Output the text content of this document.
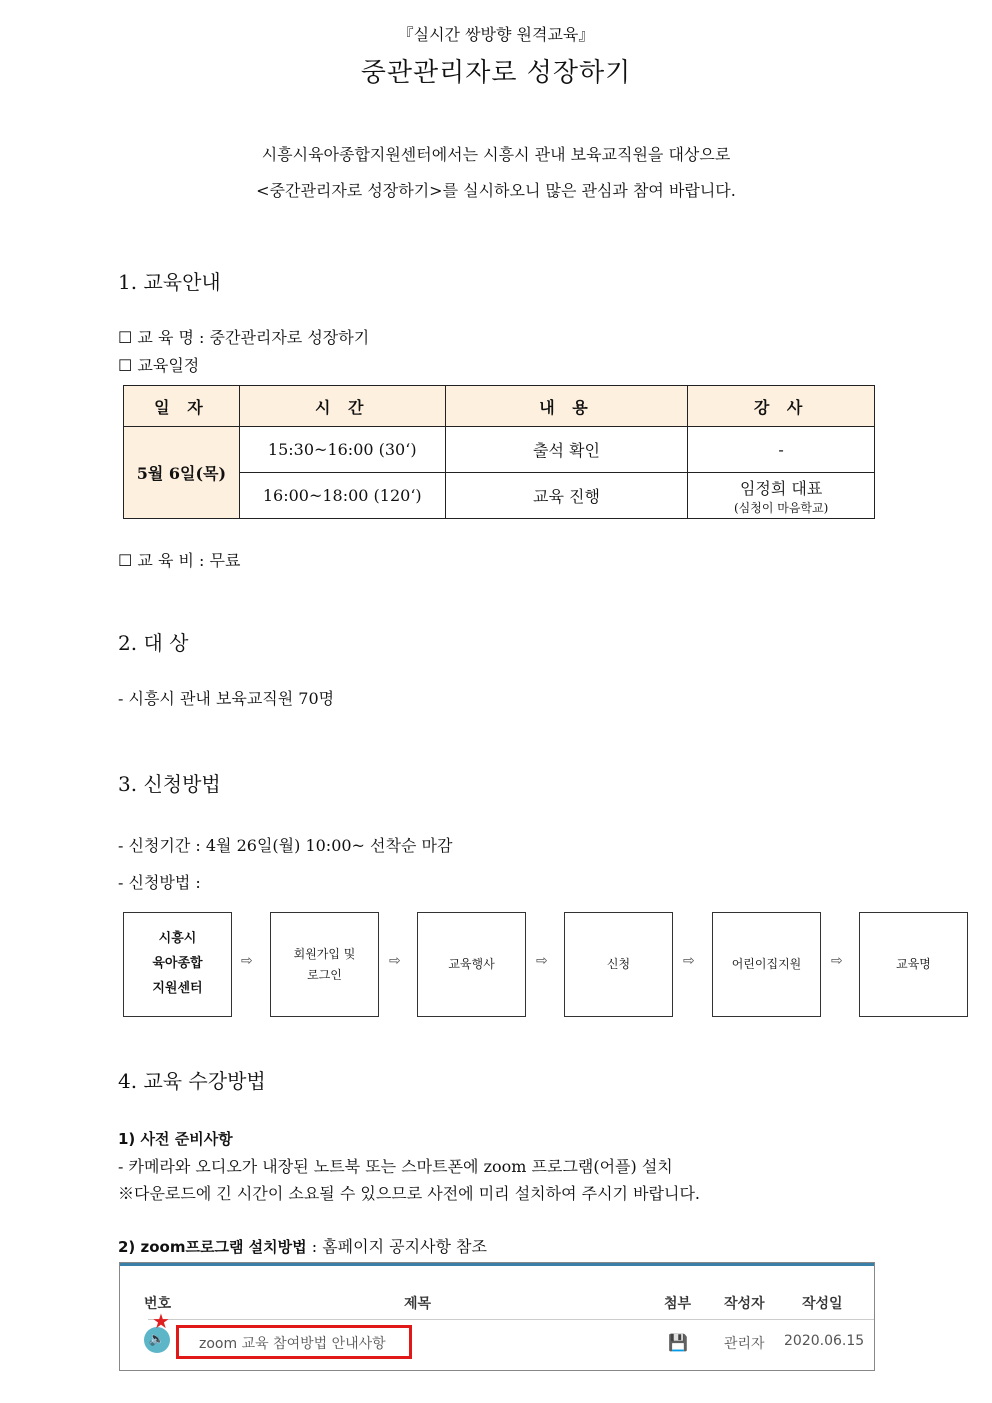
『실시간 쌍방향 원격교육』
중관관리자로 성장하기
시흥시육아종합지원센터에서는 시흥시 관내 보육교직원을 대상으로
<중간관리자로 성장하기>를 실시하오니 많은 관심과 참여 바랍니다.
1. 교육안내
☐ 교 육 명 : 중간관리자로 성장하기
☐ 교육일정
일 자	시 간	내 용	강 사
5월 6일(목)	15:30~16:00 (30‘)	출석 확인	-
	16:00~18:00 (120‘)	교육 진행	임정희 대표
(심청이 마음학교)
☐ 교 육 비 : 무료
2. 대 상
- 시흥시 관내 보육교직원 70명
3. 신청방법
- 신청기간 : 4월 26일(월) 10:00~ 선착순 마감
- 신청방법 :
시흥시
육아종합
지원센터
⇨	회원가입 및
로그인
⇨	교육행사	⇨	신청	⇨	어린이집지원 ⇨	교육명
4. 교육 수강방법
1) 사전 준비사항
- 카메라와 오디오가 내장된 노트북 또는 스마트폰에 zoom 프로그램(어플) 설치
※다운로드에 긴 시간이 소요될 수 있으므로 사전에 미리 설치하여 주시기 바랍니다.
2) zoom프로그램 설치방법 : 홈페이지 공지사항 참조
번호	제목	첨부 작성자	작성일
🔈
★
zoom 교육 참여방법 안내사항	💾	관리자 2020.06.15
